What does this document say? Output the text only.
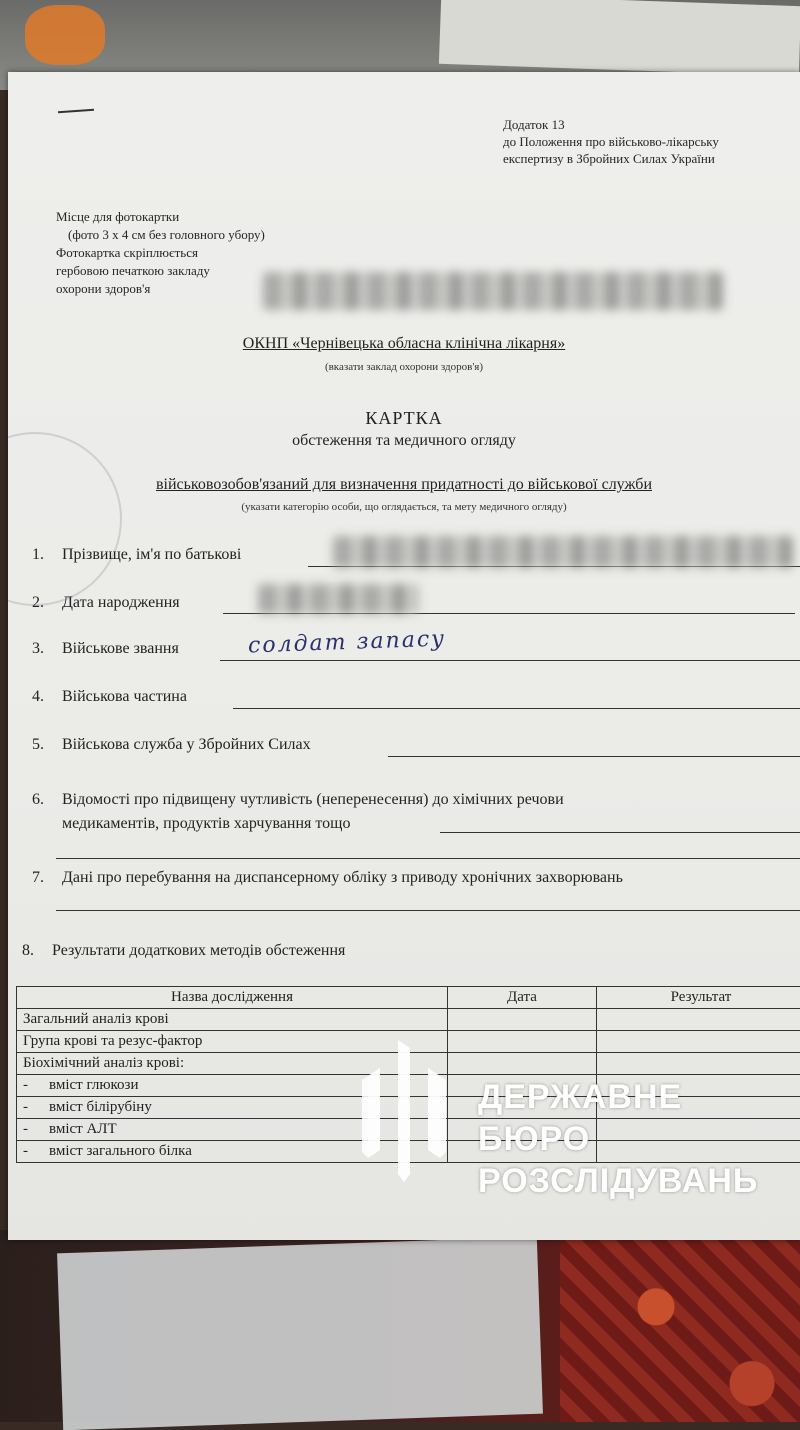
Додаток 13
до Положення про військово-лікарську
експертизу в Збройних Силах України
Місце для фотокартки
(фото 3 х 4 см без головного убору)
Фотокартка скріплюється
гербовою печаткою закладу
охорони здоров'я
ОКНП «Чернівецька обласна клінічна лікарня»
(вказати заклад охорони здоров'я)
КАРТКА
обстеження та медичного огляду
військовозобов'язаний для визначення придатності до військової служби
(указати категорію особи, що оглядається, та мету медичного огляду)
1. Прізвище, ім'я по батькові
2. Дата народження
3. Військове звання	солдат запасу
4. Військова частина
5. Військова служба у Збройних Силах
6. Відомості про підвищену чутливість (неперенесення) до хімічних речови
медикаментів, продуктів харчування тощо
7. Дані про перебування на диспансерному обліку з приводу хронічних захворювань
8. Результати додаткових методів обстеження
Назва дослідження	Дата	Результат
Загальний аналіз крові		
Група крові та резус-фактор		
Біохімічний аналіз крові:		
- вміст глюкози		
- вміст білірубіну		
- вміст АЛТ		
- вміст загального білка		
ДЕРЖАВНЕ БЮРО
РОЗСЛІДУВАНЬ
